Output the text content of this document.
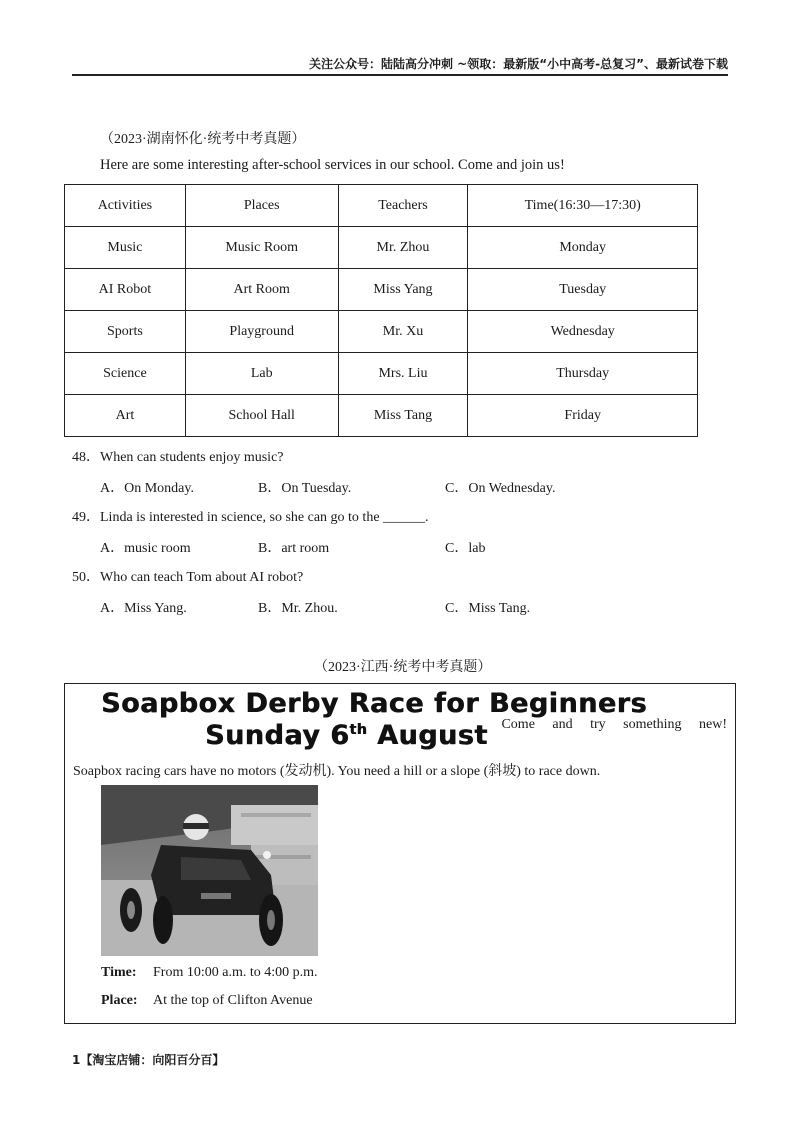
关注公众号：陆陆高分冲刺 ~领取：最新版“小中高考-总复习”、最新试卷下载
（2023·湖南怀化·统考中考真题）
Here are some interesting after-school services in our school. Come and join us!
Activities	Places	Teachers	Time(16:30—17:30)
Music	Music Room	Mr. Zhou	Monday
AI Robot	Art Room	Miss Yang	Tuesday
Sports	Playground	Mr. Xu	Wednesday
Science	Lab	Mrs. Liu	Thursday
Art	School Hall	Miss Tang	Friday
48．When can students enjoy music?
A．On Monday.	B．On Tuesday.	C．On Wednesday.
49．Linda is interested in science, so she can go to the ______.
A．music room	B．art room	C．lab
50．Who can teach Tom about AI robot?
A．Miss Yang.	B．Mr. Zhou.	C．Miss Tang.
（2023·江西·统考中考真题）
Soapbox Derby Race for Beginners
Sunday 6th August Come and try something new!
Soapbox racing cars have no motors (发动机). You need a hill or a slope (斜坡) to race down.
Time: From 10:00 a.m. to 4:00 p.m.
Place: At the top of Clifton Avenue
1【淘宝店铺：向阳百分百】
